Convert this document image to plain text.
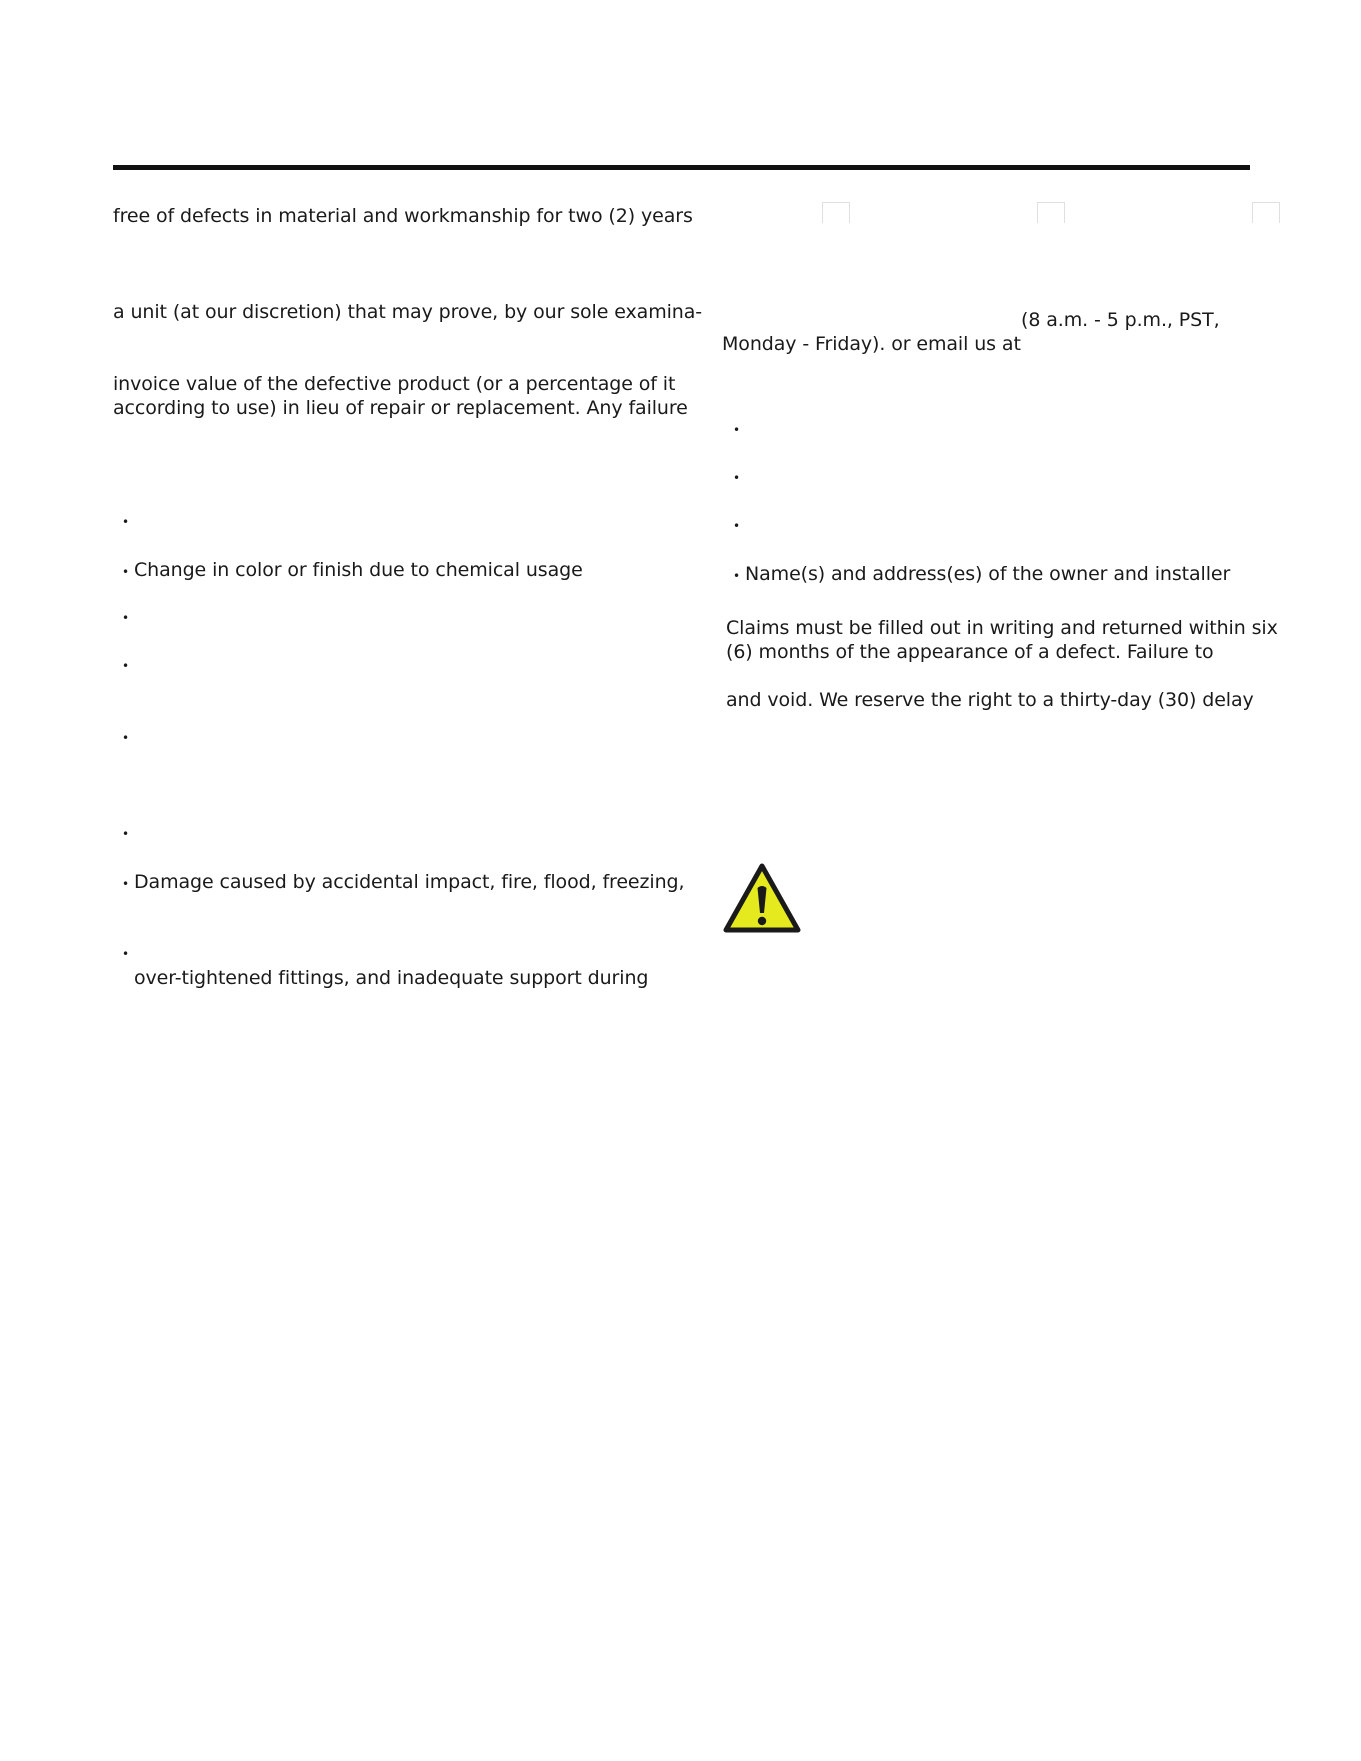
free of defects in material and workmanship for two (2) years
a unit (at our discretion) that may prove, by our sole examina-
invoice value of the defective product (or a percentage of it
according to use) in lieu of repair or replacement. Any failure
•
• Change in color or finish due to chemical usage
•
•
•
•
• Damage caused by accidental impact, fire, flood, freezing,
•
over-tightened fittings, and inadequate support during
(8 a.m. - 5 p.m., PST,
Monday - Friday). or email us at
•
•
•
• Name(s) and address(es) of the owner and installer
Claims must be filled out in writing and returned within six
(6) months of the appearance of a defect. Failure to
and void. We reserve the right to a thirty-day (30) delay
